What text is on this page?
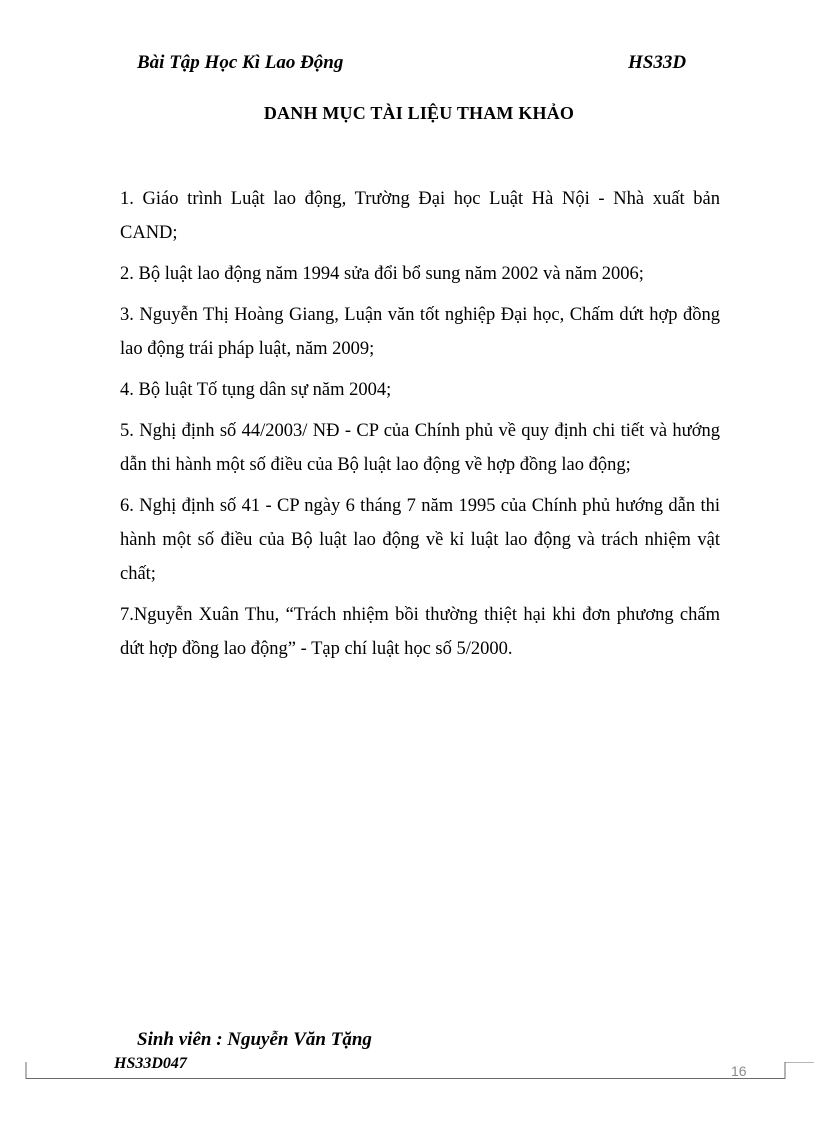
Bài Tập Học Kì Lao Động	HS33D
DANH MỤC TÀI LIỆU THAM KHẢO
1. Giáo trình Luật lao động, Trường Đại học Luật Hà Nội - Nhà xuất bản CAND;
2. Bộ luật lao động năm 1994 sửa đổi bổ sung năm 2002 và năm 2006;
3. Nguyễn Thị Hoàng Giang, Luận văn tốt nghiệp Đại học, Chấm dứt hợp đồng lao động trái pháp luật, năm 2009;
4. Bộ luật Tố tụng dân sự năm 2004;
5. Nghị định số 44/2003/ NĐ - CP của Chính phủ về quy định chi tiết và hướng dẫn thi hành một số điều của Bộ luật lao động về hợp đồng lao động;
6. Nghị định số 41 - CP ngày 6 tháng 7 năm 1995 của Chính phủ hướng dẫn thi hành một số điều của Bộ luật lao động về kỉ luật lao động và trách nhiệm vật chất;
7.Nguyễn Xuân Thu, “Trách nhiệm bồi thường thiệt hại khi đơn phương chấm dứt hợp đồng lao động” - Tạp chí luật học số 5/2000.
Sinh viên : Nguyễn Văn Tặng
HS33D047	16
